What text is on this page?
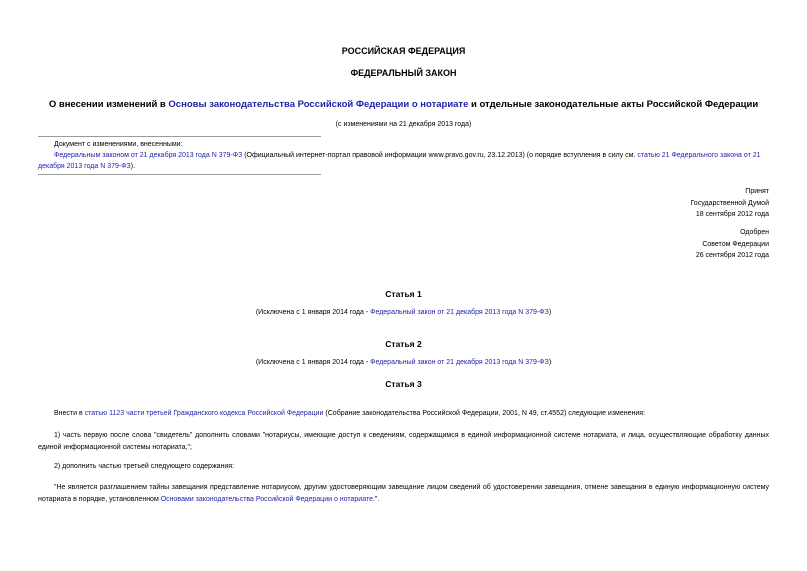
РОССИЙСКАЯ ФЕДЕРАЦИЯ
ФЕДЕРАЛЬНЫЙ ЗАКОН
О внесении изменений в Основы законодательства Российской Федерации о нотариате и отдельные законодательные акты Российской Федерации
(с изменениями на 21 декабря 2013 года)
Документ с изменениями, внесенными:
Федеральным законом от 21 декабря 2013 года N 379-ФЗ (Официальный интернет-портал правовой информации www.pravo.gov.ru, 23.12.2013) (о порядке вступления в силу см. статью 21 Федерального закона от 21 декабря 2013 года N 379-ФЗ).
Принят
Государственной Думой
18 сентября 2012 года
Одобрен
Советом Федерации
26 сентября 2012 года
Статья 1
(Исключена с 1 января 2014 года - Федеральный закон от 21 декабря 2013 года N 379-ФЗ)
Статья 2
(Исключена с 1 января 2014 года - Федеральный закон от 21 декабря 2013 года N 379-ФЗ)
Статья 3
Внести в статью 1123 части третьей Гражданского кодекса Российской Федерации (Собрание законодательства Российской Федерации, 2001, N 49, ст.4552) следующие изменения:
1) часть первую после слова "свидетель" дополнить словами "нотариусы, имеющие доступ к сведениям, содержащимся в единой информационной системе нотариата, и лица, осуществляющие обработку данных единой информационной системы нотариата,";
2) дополнить частью третьей следующего содержания:
"Не является разглашением тайны завещания представление нотариусом, другим удостоверяющим завещание лицом сведений об удостоверении завещания, отмене завещания в единую информационную систему нотариата в порядке, установленном Основами законодательства Российской Федерации о нотариате.".
